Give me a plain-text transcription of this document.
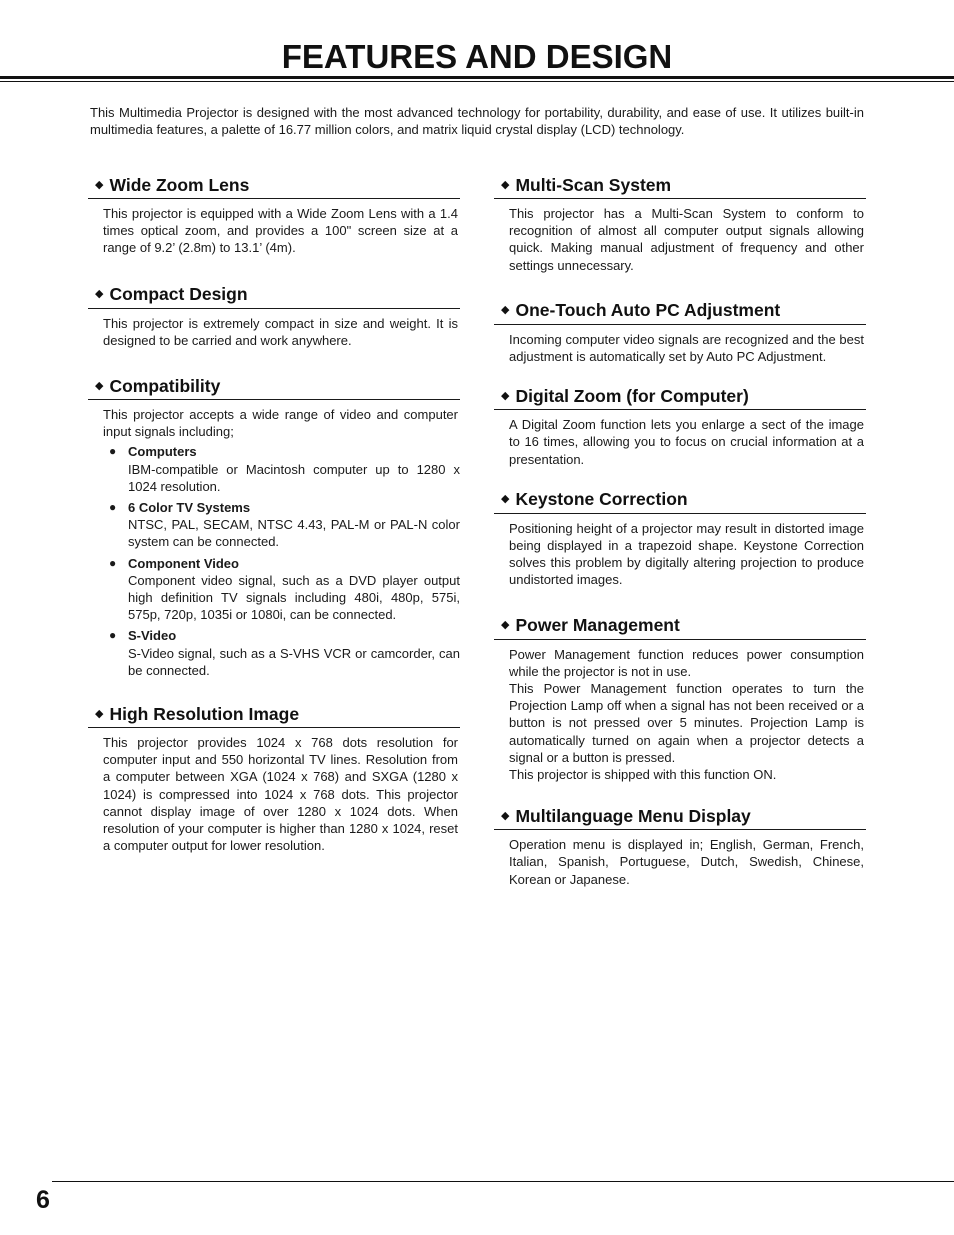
FEATURES AND DESIGN

This Multimedia Projector is designed with the most advanced technology for portability, durability, and ease of use. It utilizes built-in multimedia features, a palette of 16.77 million colors, and matrix liquid crystal display (LCD) technology.

◆ Wide Zoom Lens
This projector is equipped with a Wide Zoom Lens with a 1.4 times optical zoom, and provides a 100" screen size at a range of 9.2’ (2.8m) to 13.1’ (4m).
◆ Compact Design
This projector is extremely compact in size and weight. It is designed to be carried and work anywhere.
◆ Compatibility

This projector accepts a wide range of video and computer input signals including;

● Computers
IBM-compatible or Macintosh computer up to 1280 x 1024 resolution.
● 6 Color TV Systems
NTSC, PAL, SECAM, NTSC 4.43, PAL-M or PAL-N color system can be connected.
● Component Video
Component video signal, such as a DVD player output high definition TV signals including 480i, 480p, 575i, 575p, 720p, 1035i or 1080i, can be connected.
● S-Video
S-Video signal, such as a S-VHS VCR or camcorder, can be connected.
◆ High Resolution Image
This projector provides 1024 x 768 dots resolution for computer input and 550 horizontal TV lines. Resolution from a computer between XGA (1024 x 768) and SXGA (1280 x 1024) is compressed into 1024 x 768 dots. This projector cannot display image of over 1280 x 1024 dots. When resolution of your computer is higher than 1280 x 1024, reset a computer output for lower resolution.
◆ Multi-Scan System
This projector has a Multi-Scan System to conform to recognition of almost all computer output signals allowing quick. Making manual adjustment of frequency and other settings unnecessary.
◆ One-Touch Auto PC Adjustment
Incoming computer video signals are recognized and the best adjustment is automatically set by Auto PC Adjustment.
◆ Digital Zoom (for Computer)
A Digital Zoom function lets you enlarge a sect of the image to 16 times, allowing you to focus on crucial information at a presentation.
◆ Keystone Correction
Positioning height of a projector may result in distorted image being displayed in a trapezoid shape. Keystone Correction solves this problem by digitally altering projection to produce undistorted images.
◆ Power Management

Power Management function reduces power consumption while the projector is not in use.

This Power Management function operates to turn the Projection Lamp off when a signal has not been received or a button is not pressed over 5 minutes. Projection Lamp is automatically turned on again when a projector detects a signal or a button is pressed.

This projector is shipped with this function ON.

◆ Multilanguage Menu Display
Operation menu is displayed in; English, German, French, Italian, Spanish, Portuguese, Dutch, Swedish, Chinese, Korean or Japanese.
6
